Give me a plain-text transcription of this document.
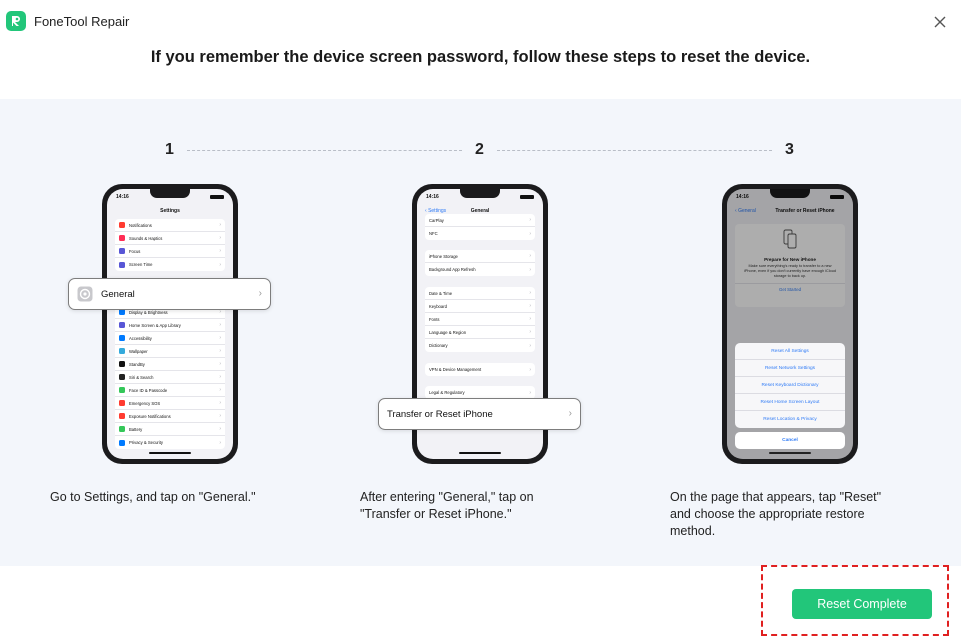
FoneTool Repair
If you remember the device screen password, follow these steps to reset the device.
1	2	3
14:16
Settings
Notifications	›
Sounds & Haptics	›
Focus	›
Screen Time	›
Display & Brightness	›
Home Screen & App Library	›
Accessibility	›
Wallpaper	›
StandBy	›
Siri & Search	›
Face ID & Passcode	›
Emergency SOS	›
Exposure Notifications	›
Battery	›
Privacy & Security	›
General	›
14:16
‹ Settings	General
CarPlay	›
NFC	›
iPhone Storage	›
Background App Refresh	›
Date & Time	›
Keyboard	›
Fonts	›
Language & Region	›
Dictionary	›
VPN & Device Management	›
Legal & Regulatory	›
Transfer or Reset iPhone	›
14:16
‹ General	Transfer or Reset iPhone
Prepare for New iPhone
Make sure everything's ready to transfer to a new iPhone, even if you don't currently have enough iCloud storage to back up.
Get Started
Reset All Settings
Reset Network Settings
Reset Keyboard Dictionary
Reset Home Screen Layout
Reset Location & Privacy
Cancel
Go to Settings, and tap on "General."	After entering "General," tap on "Transfer or Reset iPhone."
On the page that appears, tap "Reset" and choose the appropriate restore method.
Reset Complete
